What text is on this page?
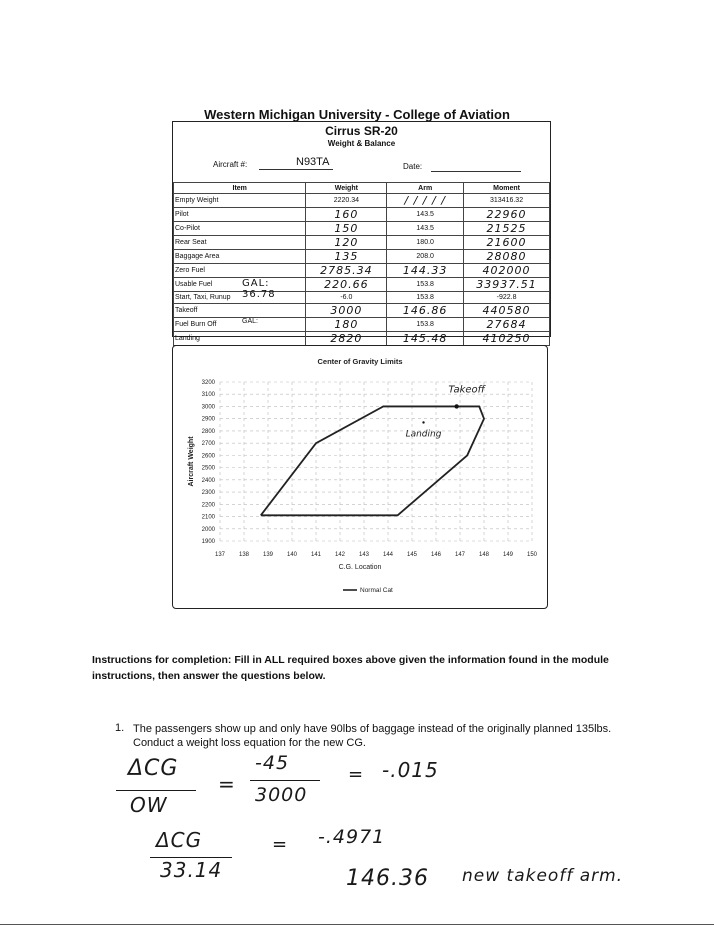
Western Michigan University - College of Aviation
Cirrus SR-20
Weight & Balance
Aircraft #:	N93TA	Date:
Item	Weight	Arm	Moment
Empty Weight	2220.34	/ / / / /	313416.32
Pilot	160	143.5	22960
Co-Pilot	150	143.5	21525
Rear Seat	120	180.0	21600
Baggage Area	135	208.0	28080
Zero Fuel	2785.34	144.33	402000
Usable Fuel GAL: 36.78	220.66	153.8	33937.51
Start, Taxi, Runup	-6.0	153.8	-922.8
Takeoff	3000	146.86	440580
Fuel Burn Off GAL:	180	153.8	27684
Landing	2820	145.48	410250
Center of Gravity Limits
137 138 139 140 141 142 143 144 145 146 147 148 149 150
3200
3100
3000
2900
2800
2700
2600
2500
2400
2300
2200
2100
2000
1900
C.G. Location
Aircraft Weight
Normal Cat
Takeoff
Landing
Instructions for completion: Fill in ALL required boxes above given the information found in the module instructions, then answer the questions below.
1. The passengers show up and only have 90lbs of baggage instead of the originally planned 135lbs. Conduct a weight loss equation for the new CG.
ΔCG
OW
=
-45
3000
= -.015
ΔCG
33.14
= -.4971
146.36 new takeoff arm.
